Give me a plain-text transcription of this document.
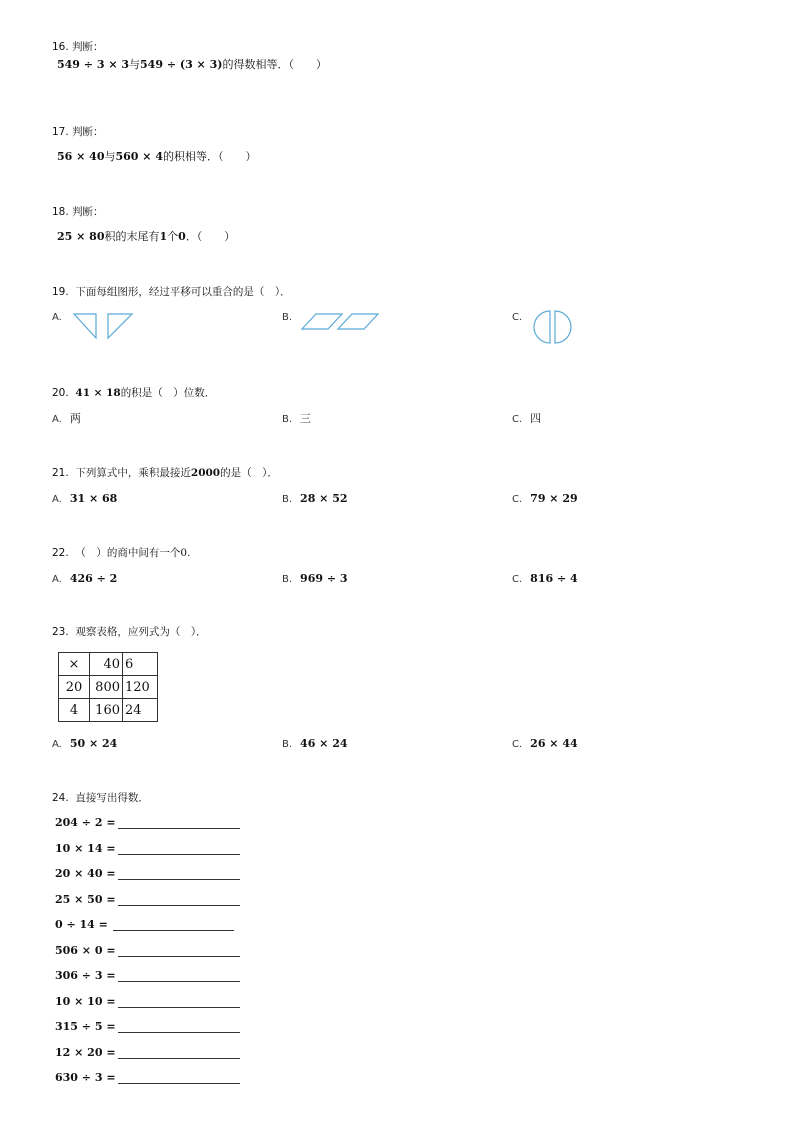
16. 判断：
549 ÷ 3 × 3与549 ÷ (3 × 3)的得数相等．（　　）
17. 判断：
56 × 40与560 × 4的积相等．（　　）
18. 判断：
25 × 80积的末尾有1个0．（　　）
19. 下面每组图形，经过平移可以重合的是（　）．
A.	B.	C.
20. 41 × 18的积是（　）位数．
A. 两	B. 三	C. 四
21. 下列算式中，乘积最接近2000的是（　）．
A. 31 × 68	B. 28 × 52	C. 79 × 29
22. （　）的商中间有一个0.
A. 426 ÷ 2	B. 969 ÷ 3	C. 816 ÷ 4
23. 观察表格，应列式为（　）．
×	40	6
20	800	120
4	160	24
A. 50 × 24	B. 46 × 24	C. 26 × 44
24. 直接写出得数．
204 ÷ 2 =
10 × 14 =
20 × 40 =
25 × 50 =
0 ÷ 14 =
506 × 0 =
306 ÷ 3 =
10 × 10 =
315 ÷ 5 =
12 × 20 =
630 ÷ 3 =
